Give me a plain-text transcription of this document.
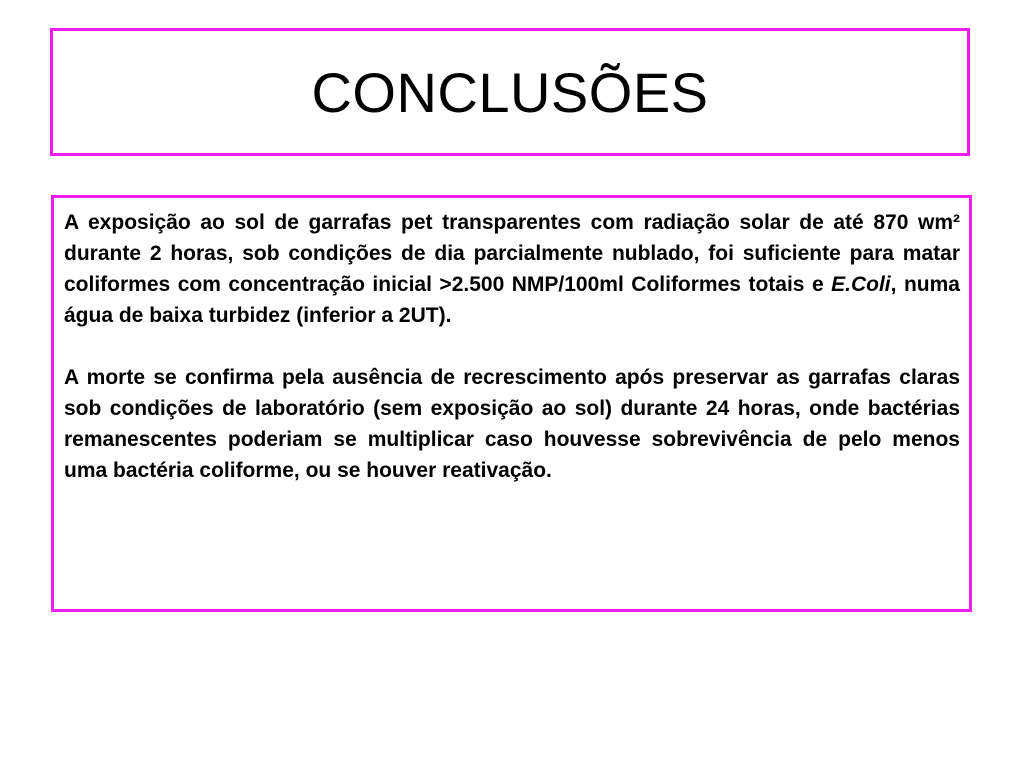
CONCLUSÕES

A exposição ao sol de garrafas pet transparentes com radiação solar de até 870 wm² durante 2 horas, sob condições de dia parcialmente nublado, foi suficiente para matar coliformes com concentração inicial >2.500 NMP/100ml Coliformes totais e E.Coli, numa água de baixa turbidez (inferior a 2UT).

A morte se confirma pela ausência de recrescimento após preservar as garrafas claras sob condições de laboratório (sem exposição ao sol) durante 24 horas, onde bactérias remanescentes poderiam se multiplicar caso houvesse sobrevivência de pelo menos uma bactéria coliforme, ou se houver reativação.
